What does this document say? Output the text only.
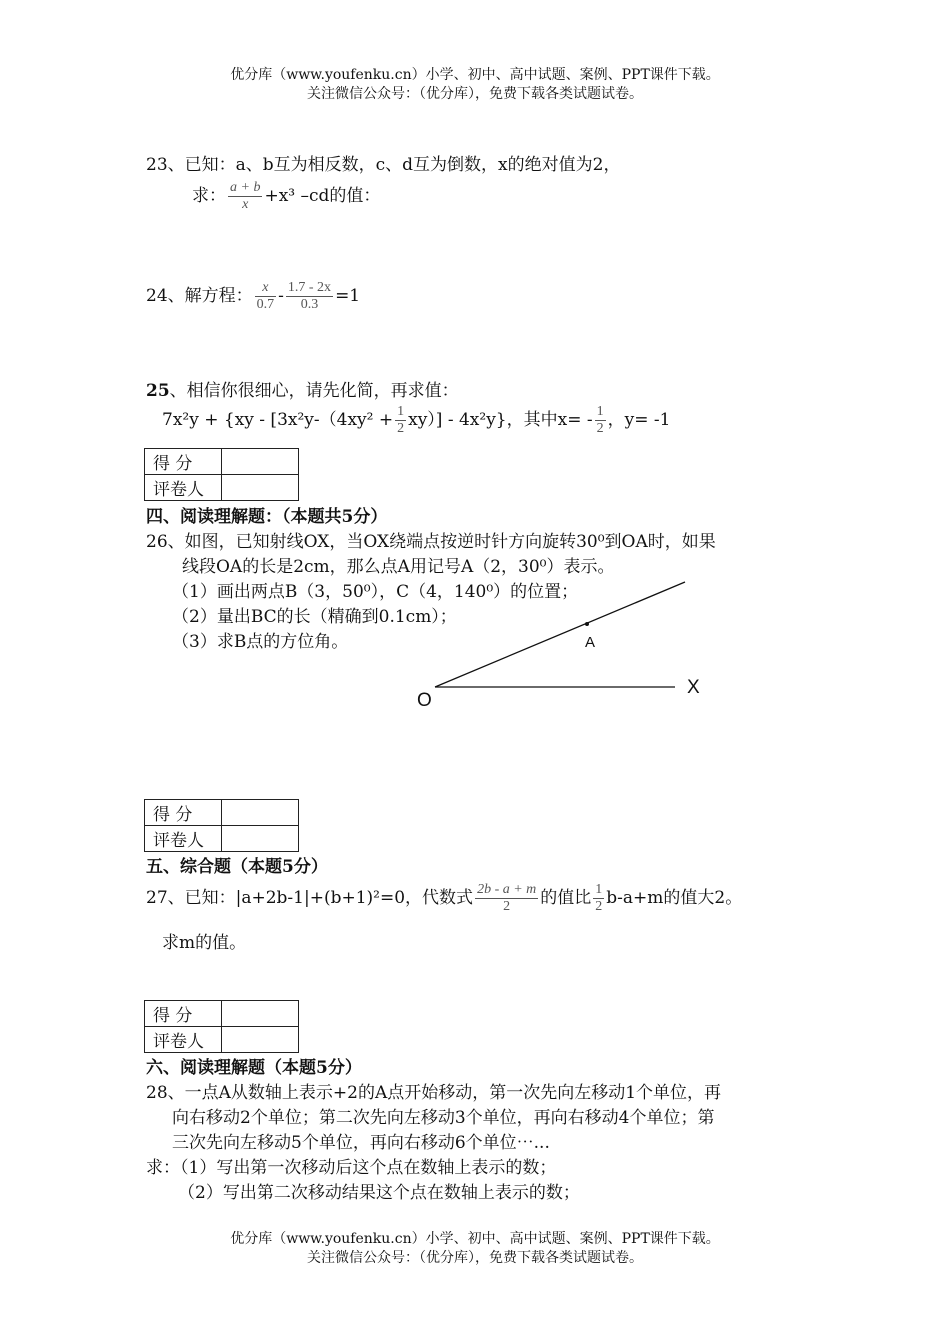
优分库（www.youfenku.cn）小学、初中、高中试题、案例、PPT课件下载。
关注微信公众号：（优分库），免费下载各类试题试卷。
23、已知：a、b互为相反数，c、d互为倒数，x的绝对值为2，
求： $\frac{a + b}{x} +x^3$ –cd的值：
24、解方程： $\frac{x}{0.7} - \frac{1.7 - 2x}{0.3} =1$
25、相信你很细心，请先化简，再求值：
$7x^2y + \{xy - [3x^2y-(4xy^2 + \frac{1}{2} xy)] - 4x^2y\}$，其中$x= - \frac{1}{2}$ ，y= -1
得 分	
评卷人	
四、阅读理解题：（本题共5分）
26、如图，已知射线OX，当OX绕端点按逆时针方向旋转30⁰到OA时，如果
线段OA的长是2cm，那么点A用记号A（2，30⁰）表示。
（1）画出两点B（3，50⁰），C（4，140⁰）的位置；
（2）量出BC的长（精确到0.1cm）；
（3）求B点的方位角。	A
O
X
得 分	
评卷人	
五、综合题（本题5分）
27、已知：|a+2b-1|+(b+1)²=0，代数式 $\frac{2b - a + m}{2}$ 的值比 $\frac{1}{2} b-a+m$的值大2。
求m的值。
得 分	
评卷人	
六、阅读理解题（本题5分）
28、一点A从数轴上表示+2的A点开始移动，第一次先向左移动1个单位，再
向右移动2个单位；第二次先向左移动3个单位，再向右移动4个单位；第
三次先向左移动5个单位，再向右移动6个单位⋯...
求：（1）写出第一次移动后这个点在数轴上表示的数；
（2）写出第二次移动结果这个点在数轴上表示的数；
优分库（www.youfenku.cn）小学、初中、高中试题、案例、PPT课件下载。
关注微信公众号：（优分库），免费下载各类试题试卷。
